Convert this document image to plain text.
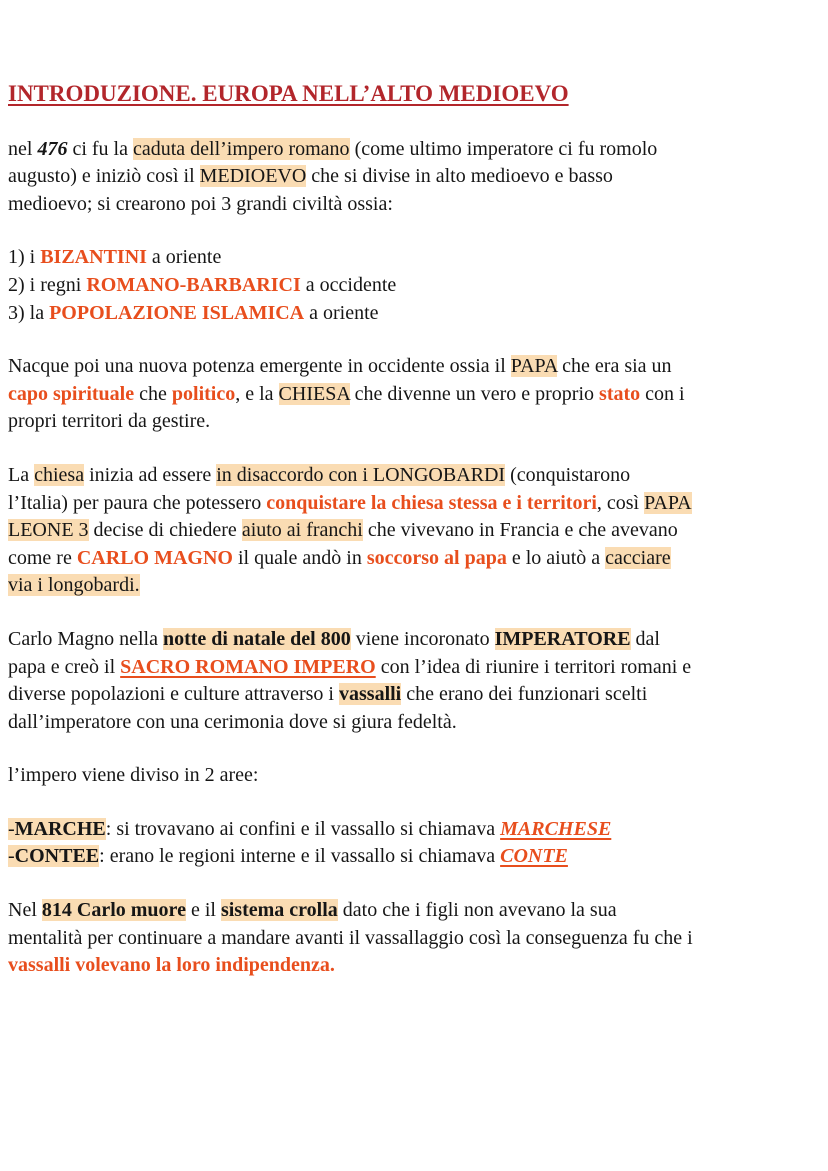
INTRODUZIONE. EUROPA NELL’ALTO MEDIOEVO

nel 476 ci fu la caduta dell’impero romano (come ultimo imperatore ci fu romolo
augusto) e iniziò così il MEDIOEVO che si divise in alto medioevo e basso
medioevo; si crearono poi 3 grandi civiltà ossia:

1) i BIZANTINI a oriente
2) i regni ROMANO-BARBARICI a occidente
3) la POPOLAZIONE ISLAMICA a oriente

Nacque poi una nuova potenza emergente in occidente ossia il PAPA che era sia un
capo spirituale che politico, e la CHIESA che divenne un vero e proprio stato con i
propri territori da gestire.

La chiesa inizia ad essere in disaccordo con i LONGOBARDI (conquistarono
l’Italia) per paura che potessero conquistare la chiesa stessa e i territori, così PAPA
LEONE 3 decise di chiedere aiuto ai franchi che vivevano in Francia e che avevano
come re CARLO MAGNO il quale andò in soccorso al papa e lo aiutò a cacciare
via i longobardi.

Carlo Magno nella notte di natale del 800 viene incoronato IMPERATORE dal
papa e creò il SACRO ROMANO IMPERO con l’idea di riunire i territori romani e
diverse popolazioni e culture attraverso i vassalli che erano dei funzionari scelti
dall’imperatore con una cerimonia dove si giura fedeltà.

l’impero viene diviso in 2 aree:

-MARCHE: si trovavano ai confini e il vassallo si chiamava MARCHESE
-CONTEE: erano le regioni interne e il vassallo si chiamava CONTE

Nel 814 Carlo muore e il sistema crolla dato che i figli non avevano la sua
mentalità per continuare a mandare avanti il vassallaggio così la conseguenza fu che i
vassalli volevano la loro indipendenza.
